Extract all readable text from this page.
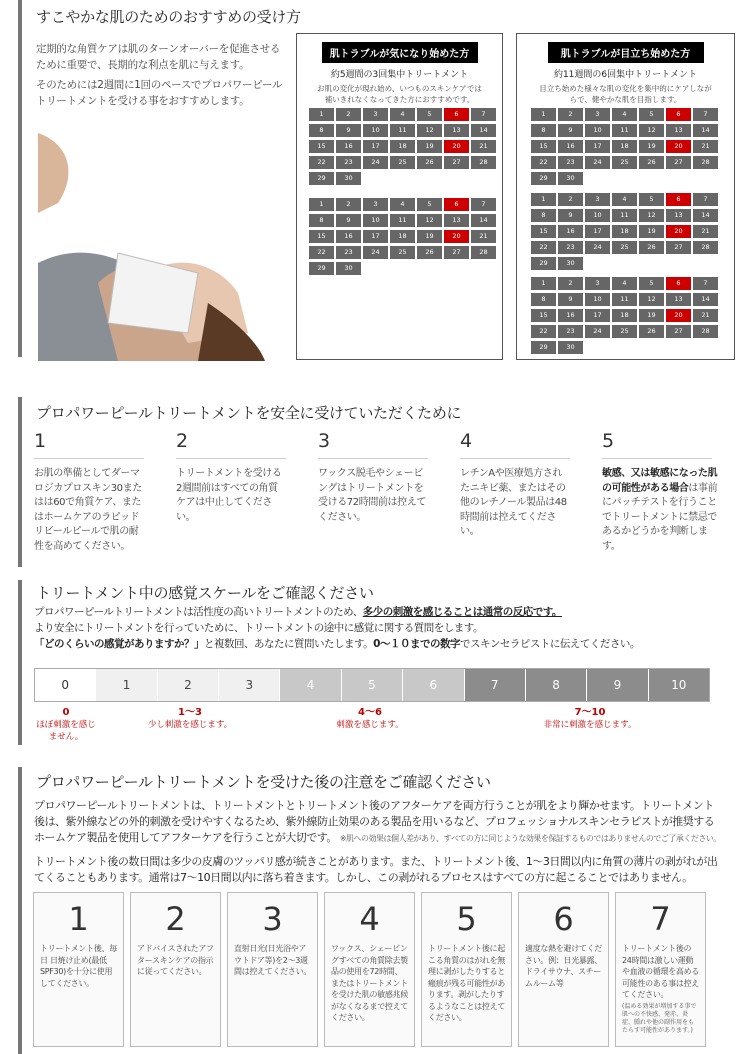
すこやかな肌のためのおすすめの受け方

定期的な角質ケアは肌のターンオーバーを促進させるために重要で、長期的な利点を肌に与えます。

そのためには2週間に1回のペースでプロパワーピールトリートメントを受ける事をおすすめします。

肌トラブルが気になり始めた方
約5週間の3回集中トリートメント
お肌の変化が現れ始め、いつものスキンケアでは補いきれなくなってきた方におすすめです。
肌トラブルが目立ち始めた方
約11週間の6回集中トリートメント
目立ち始めた様々な肌の変化を集中的にケアしながらで、健やかな肌を目指します。
1	2	3	4	5	6	7
8	9	10	11	12	13	14
15	16	17	18	19	20	21
22	23	24	25	26	27	28
29	30
1	2	3	4	5	6	7
8	9	10	11	12	13	14
15	16	17	18	19	20	21
22	23	24	25	26	27	28
29	30
1	2	3	4	5	6	7
8	9	10	11	12	13	14
15	16	17	18	19	20	21
22	23	24	25	26	27	28
29	30
1	2	3	4	5	6	7
8	9	10	11	12	13	14
15	16	17	18	19	20	21
22	23	24	25	26	27	28
29	30
1	2	3	4	5	6	7
8	9	10	11	12	13	14
15	16	17	18	19	20	21
22	23	24	25	26	27	28
29	30
プロパワーピールトリートメントを安全に受けていただくために
1
お肌の準備としてダーマロジカプロスキン30またはは60で角質ケア、またはホームケアのラピッドリビールピールで肌の耐性を高めてください。
2
トリートメントを受ける2週間前はすべての角質ケアは中止してください。
3
ワックス脱毛やシェービングはトリートメントを受ける72時間前は控えてください。
4
レチンAや医療処方されたニキビ薬、またはその他のレチノール製品は48時間前は控えてください。
5
敏感、又は敏感になった肌の可能性がある場合は事前にパッチテストを行うことでトリートメントに禁忌であるかどうかを判断します。
トリートメント中の感覚スケールをご確認ください
プロパワーピールトリートメントは活性度の高いトリートメントのため、多少の刺激を感じることは通常の反応です。
より安全にトリートメントを行っていために、トリートメントの途中に感覚に関する質問をします。
「どのくらいの感覚がありますか？」と複数回、あなたに質問いたします。0～１０までの数字でスキンセラピストに伝えてください。
0	1	2	3	4	5	6	7	8	9	10
0
ほぼ刺激を感じません。
1～3
少し刺激を感じます。
4～6
刺激を感じます。
7～10
非常に刺激を感じます。
プロパワーピールトリートメントを受けた後の注意をご確認ください
プロパワーピールトリートメントは、トリートメントとトリートメント後のアフターケアを両方行うことが肌をより輝かせます。トリートメント後は、紫外線などの外的刺激を受けやすくなるため、紫外線防止効果のある製品を用いるなど、プロフェッショナルスキンセラピストが推奨するホームケア製品を使用してアフターケアを行うことが大切です。 ※肌への効果は個人差があり、すべての方に同じような効果を保証するものではありませんのでご了承ください。
トリートメント後の数日間は多少の皮膚のツッパリ感が続きことがあります。また、トリートメント後、1～3日間以内に角質の薄片の剥がれが出てくることもあります。通常は7～10日間以内に落ち着きます。しかし、この剥がれるプロセスはすべての方に起こることではありません。
1
トリートメント後、毎日 日焼け止め(最低SPF30)を十分に使用してください。
2
アドバイスされたアフタースキンケアの指示に従ってください。
3
直射日光(日光浴やアウトドア等)を2～3週間は控えてください。
4
ワックス、シェービングすべての角質除去製品の使用を72時間、またはトリートメントを受けた肌の敏感兆候がなくなるまで控えてください。
5
トリートメント後に起こる角質のはがれを無理に剥がしたりすると瘢痕が残る可能性があります。剥がしたりするようなことは控えてください。
6
適度な熱を避けてください。例：日光暴露、ドライサウナ、スチームルーム等
7
トリートメント後の24時間は激しい運動や血液の循環を高める可能性のある事は控えてください。
(温める効果が増加する事で肌への不快感、発赤、炎症、腫れや他の副作用をもたらす可能性があります。)
